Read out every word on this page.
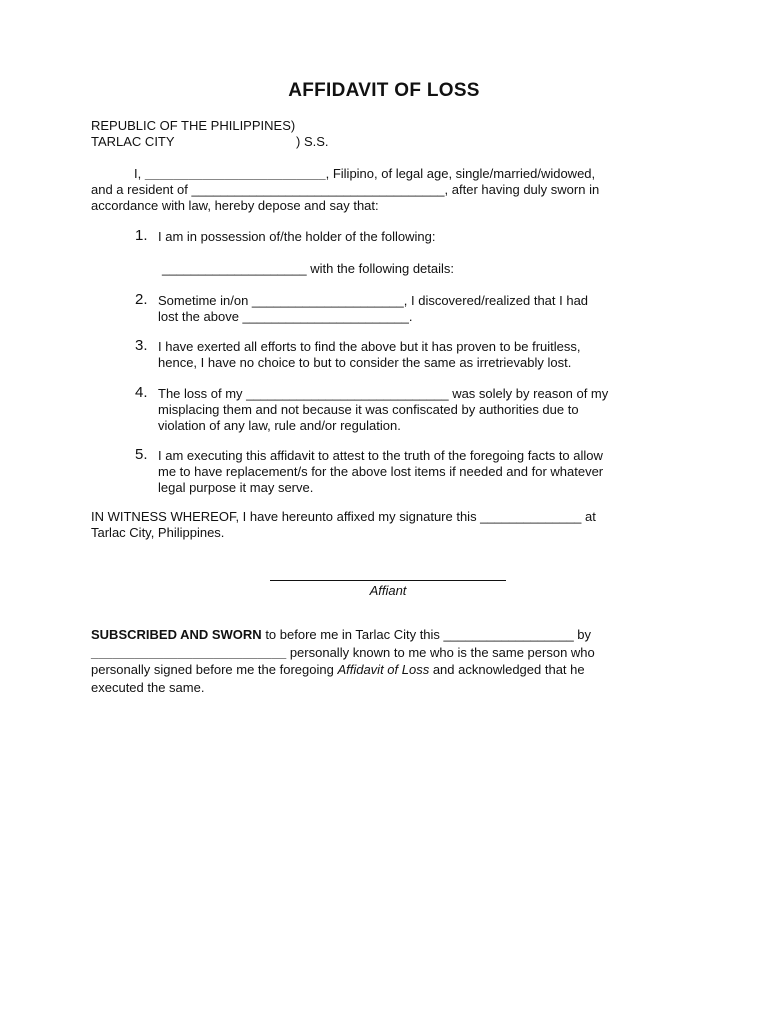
AFFIDAVIT OF LOSS
REPUBLIC OF THE PHILIPPINES)
TARLAC CITY	) S.S.
I, _________________________, Filipino, of legal age, single/married/widowed,
and a resident of ___________________________________, after having duly sworn in
accordance with law, hereby depose and say that:
1. I am in possession of/the holder of the following:
____________________ with the following details:
2. Sometime in/on _____________________, I discovered/realized that I had
lost the above _______________________.
3. I have exerted all efforts to find the above but it has proven to be fruitless,
hence, I have no choice to but to consider the same as irretrievably lost.
4. The loss of my ____________________________ was solely by reason of my
misplacing them and not because it was confiscated by authorities due to
violation of any law, rule and/or regulation.
5. I am executing this affidavit to attest to the truth of the foregoing facts to allow
me to have replacement/s for the above lost items if needed and for whatever
legal purpose it may serve.
IN WITNESS WHEREOF, I have hereunto affixed my signature this ______________ at
Tarlac City, Philippines.
Affiant
SUBSCRIBED AND SWORN to before me in Tarlac City this __________________ by
___________________________ personally known to me who is the same person who
personally signed before me the foregoing Affidavit of Loss and acknowledged that he
executed the same.
